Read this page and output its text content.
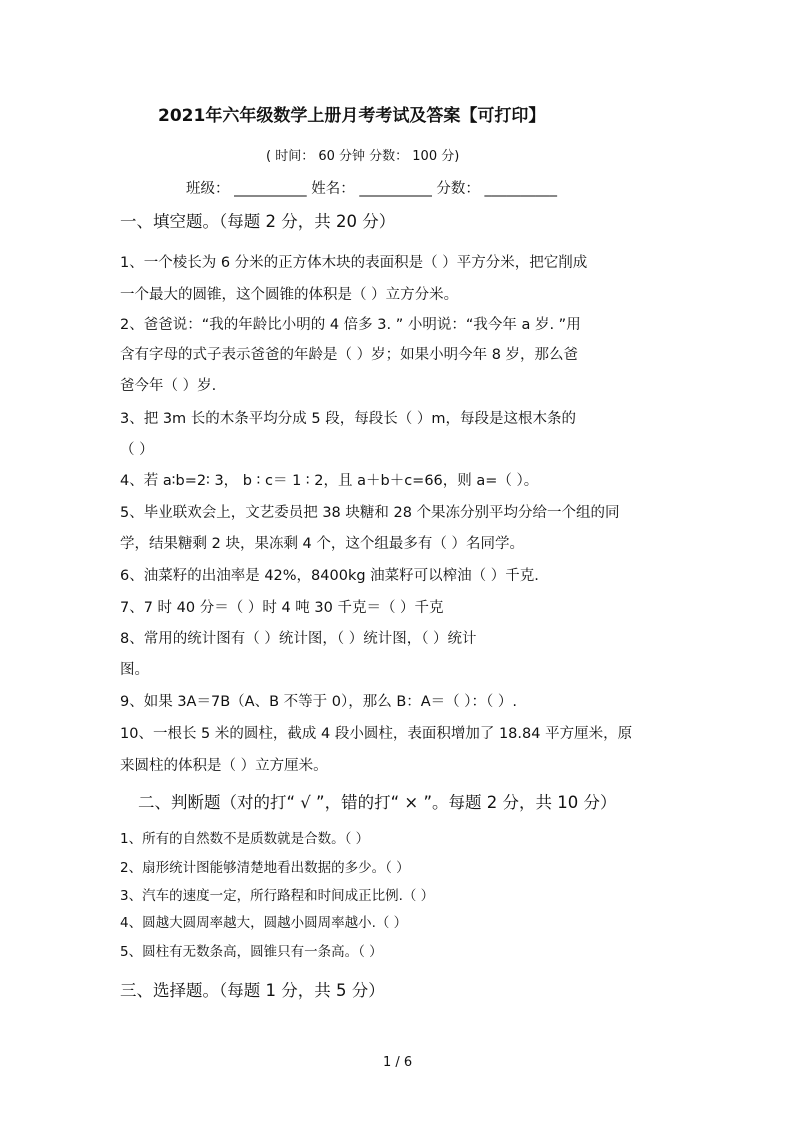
2021年六年级数学上册月考考试及答案【可打印】
( 时间： 60 分钟 分数： 100 分)
班级： __________ 姓名： __________ 分数： __________
一、填空题。（每题 2 分，共 20 分）
1、一个棱长为 6 分米的正方体木块的表面积是（ ）平方分米，把它削成
一个最大的圆锥，这个圆锥的体积是（ ）立方分米。
2、爸爸说：“我的年龄比小明的 4 倍多 3. ” 小明说：“我今年 a 岁. ”用
含有字母的式子表示爸爸的年龄是（ ）岁；如果小明今年 8 岁，那么爸
爸今年（ ）岁.
3、把 3m 长的木条平均分成 5 段，每段长（ ）m，每段是这根木条的
（ ）
4、若 a∶b=2∶ 3， b ∶ c＝ 1 ∶ 2，且 a＋b＋c=66，则 a=（ ）。
5、毕业联欢会上，文艺委员把 38 块糖和 28 个果冻分别平均分给一个组的同
学，结果糖剩 2 块，果冻剩 4 个，这个组最多有（ ）名同学。
6、油菜籽的出油率是 42%，8400kg 油菜籽可以榨油（ ）千克.
7、7 时 40 分＝（ ）时 4 吨 30 千克＝（ ）千克
8、常用的统计图有（ ）统计图，（ ）统计图，（ ）统计
图。
9、如果 3A＝7B（A、B 不等于 0），那么 B：A＝（ ）：（ ）.
10、一根长 5 米的圆柱，截成 4 段小圆柱，表面积增加了 18.84 平方厘米，原
来圆柱的体积是（ ）立方厘米。
二、判断题（对的打“ √ ”，错的打“ × ”。每题 2 分，共 10 分）
1、所有的自然数不是质数就是合数。（ ）
2、扇形统计图能够清楚地看出数据的多少。（ ）
3、汽车的速度一定，所行路程和时间成正比例.（ ）
4、圆越大圆周率越大，圆越小圆周率越小.（ ）
5、圆柱有无数条高，圆锥只有一条高。（ ）
三、选择题。（每题 1 分，共 5 分）
1 / 6
